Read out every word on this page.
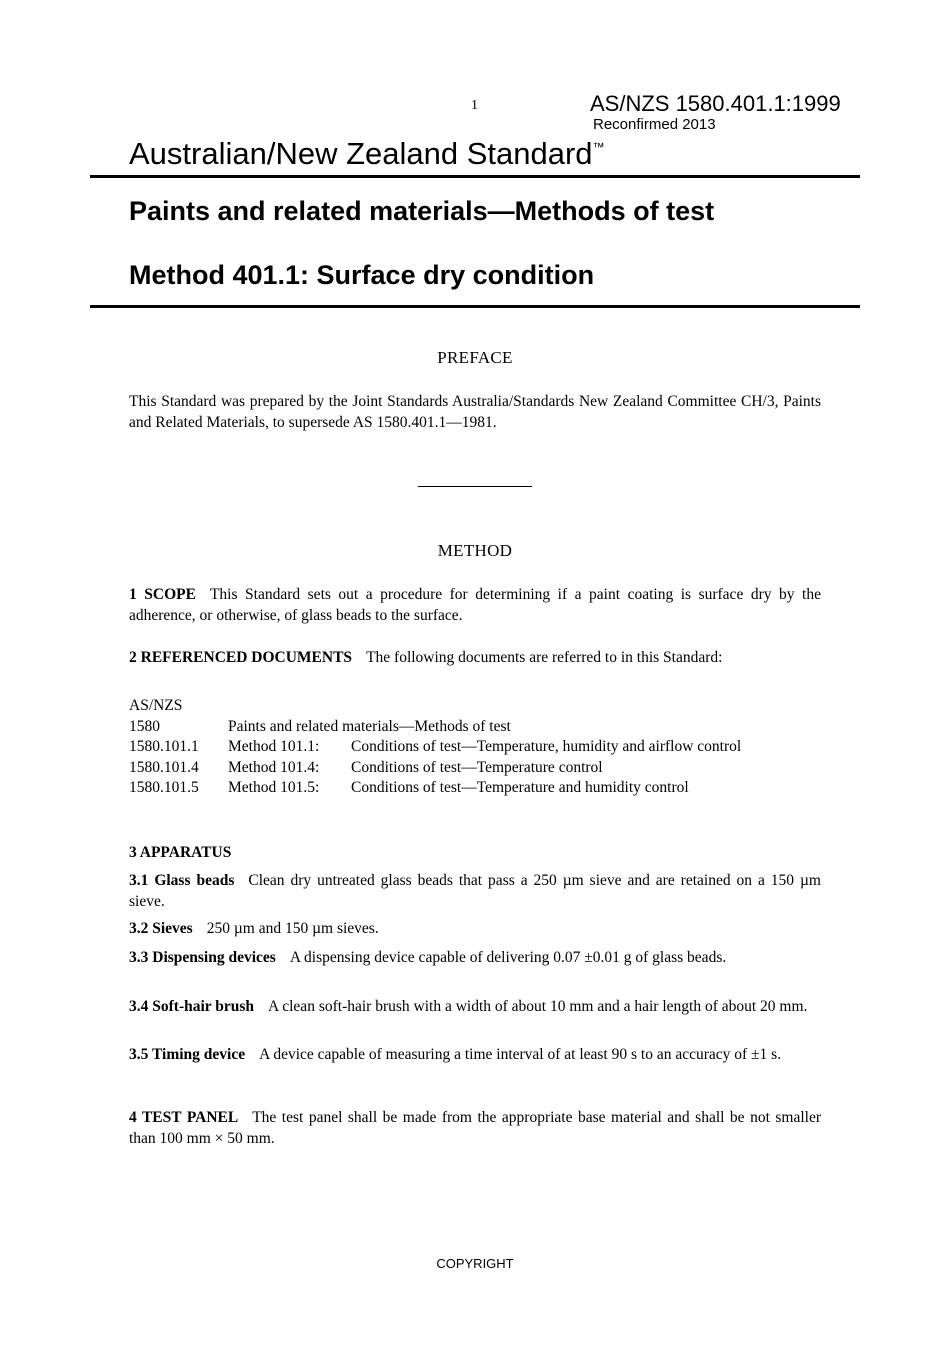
1	AS/NZS 1580.401.1:1999
Reconfirmed 2013
Australian/New Zealand Standard™
Paints and related materials—Methods of test
Method 401.1: Surface dry condition
PREFACE
This Standard was prepared by the Joint Standards Australia/Standards New Zealand Committee CH/3, Paints and Related Materials, to supersede AS 1580.401.1—1981.
METHOD
1 SCOPE This Standard sets out a procedure for determining if a paint coating is surface dry by the adherence, or otherwise, of glass beads to the surface.
2 REFERENCED DOCUMENTS The following documents are referred to in this Standard:
AS/NZS
1580	Paints and related materials—Methods of test
1580.101.1 Method 101.1: Conditions of test—Temperature, humidity and airflow control
1580.101.4 Method 101.4: Conditions of test—Temperature control
1580.101.5 Method 101.5: Conditions of test—Temperature and humidity control
3 APPARATUS
3.1 Glass beads Clean dry untreated glass beads that pass a 250 µm sieve and are retained on a 150 µm sieve.
3.2 Sieves 250 µm and 150 µm sieves.
3.3 Dispensing devices A dispensing device capable of delivering 0.07 ±0.01 g of glass beads.
3.4 Soft-hair brush A clean soft-hair brush with a width of about 10 mm and a hair length of about 20 mm.
3.5 Timing device A device capable of measuring a time interval of at least 90 s to an accuracy of ±1 s.
4 TEST PANEL The test panel shall be made from the appropriate base material and shall be not smaller than 100 mm × 50 mm.
COPYRIGHT
